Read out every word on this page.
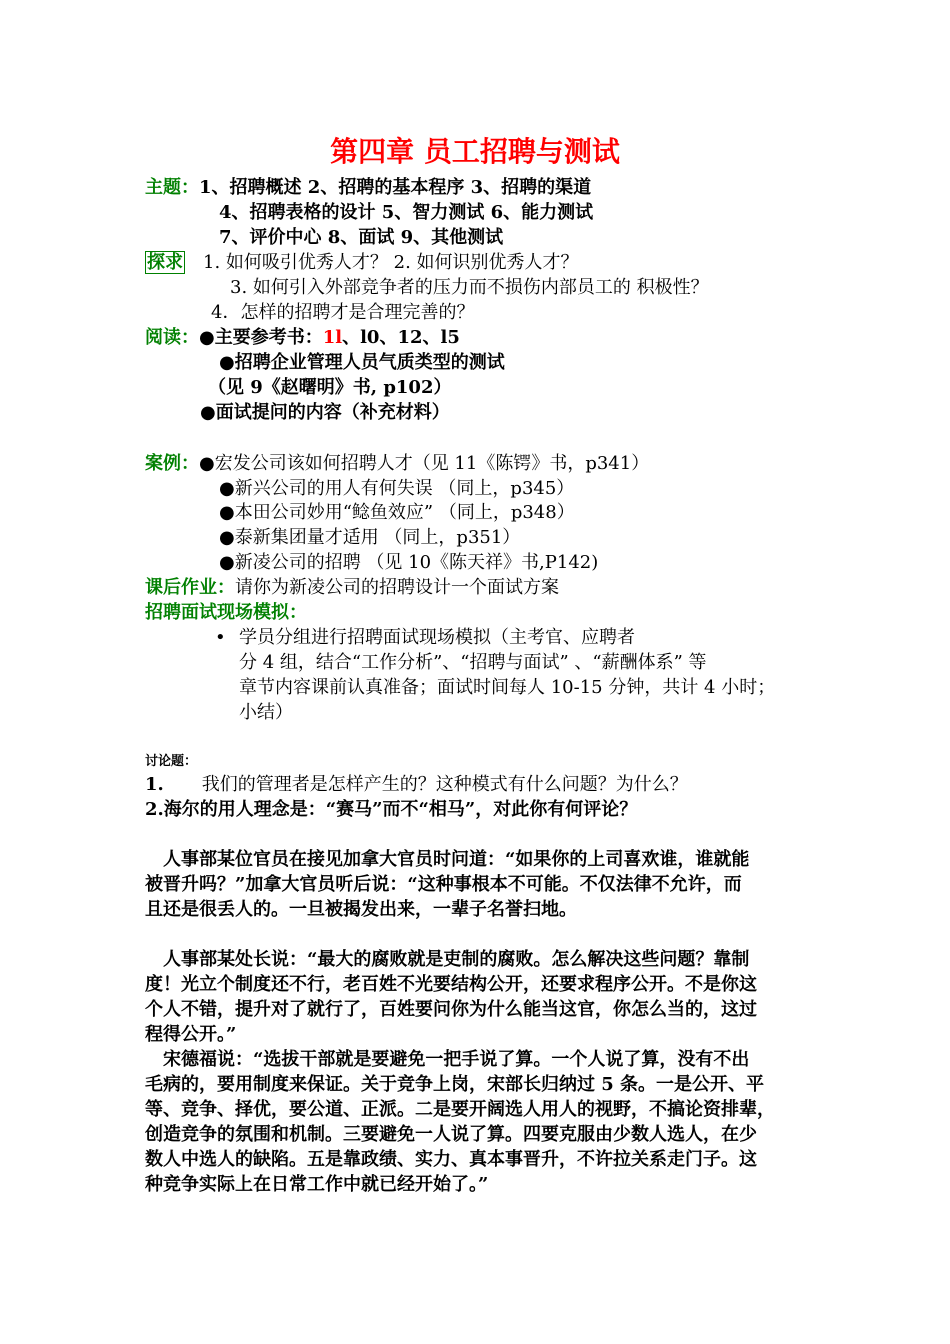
第四章 员工招聘与测试
主题：1、招聘概述 2、招聘的基本程序 3、招聘的渠道
4、招聘表格的设计 5、智力测试 6、能力测试
7、评价中心 8、面试 9、其他测试
探求 1. 如何吸引优秀人才？ 2. 如何识别优秀人才？
3. 如何引入外部竞争者的压力而不损伤内部员工的 积极性？
4．怎样的招聘才是合理完善的？
阅读：●主要参考书：1l、l0、12、l5
●招聘企业管理人员气质类型的测试
（见 9《赵曙明》书, p102）
●面试提问的内容（补充材料）
案例：●宏发公司该如何招聘人才（见 11《陈锷》书，p341）
●新兴公司的用人有何失误 （同上，p345）
●本田公司妙用“鲶鱼效应” （同上，p348）
●泰新集团量才适用 （同上，p351）
●新凌公司的招聘 （见 10《陈天祥》书,P142)
课后作业：请你为新凌公司的招聘设计一个面试方案
招聘面试现场模拟：
• 学员分组进行招聘面试现场模拟（主考官、应聘者
分 4 组，结合“工作分析”、“招聘与面试” 、“薪酬体系” 等
章节内容课前认真准备；面试时间每人 10-15 分钟，共计 4 小时；
小结）
讨论题：
1. 我们的管理者是怎样产生的？这种模式有什么问题？为什么？
2.海尔的用人理念是：“赛马”而不“相马”，对此你有何评论？
人事部某位官员在接见加拿大官员时问道：“如果你的上司喜欢谁，谁就能
被晋升吗？”加拿大官员听后说：“这种事根本不可能。不仅法律不允许，而
且还是很丢人的。一旦被揭发出来，一辈子名誉扫地。
人事部某处长说：“最大的腐败就是吏制的腐败。怎么解决这些问题？靠制
度！光立个制度还不行，老百姓不光要结构公开，还要求程序公开。不是你这
个人不错，提升对了就行了，百姓要问你为什么能当这官，你怎么当的，这过
程得公开。”
宋德福说：“选拔干部就是要避免一把手说了算。一个人说了算，没有不出
毛病的，要用制度来保证。关于竞争上岗，宋部长归纳过 5 条。一是公开、平
等、竞争、择优，要公道、正派。二是要开阔选人用人的视野，不搞论资排辈，
创造竞争的氛围和机制。三要避免一人说了算。四要克服由少数人选人，在少
数人中选人的缺陷。五是靠政绩、实力、真本事晋升，不许拉关系走门子。这
种竞争实际上在日常工作中就已经开始了。”
